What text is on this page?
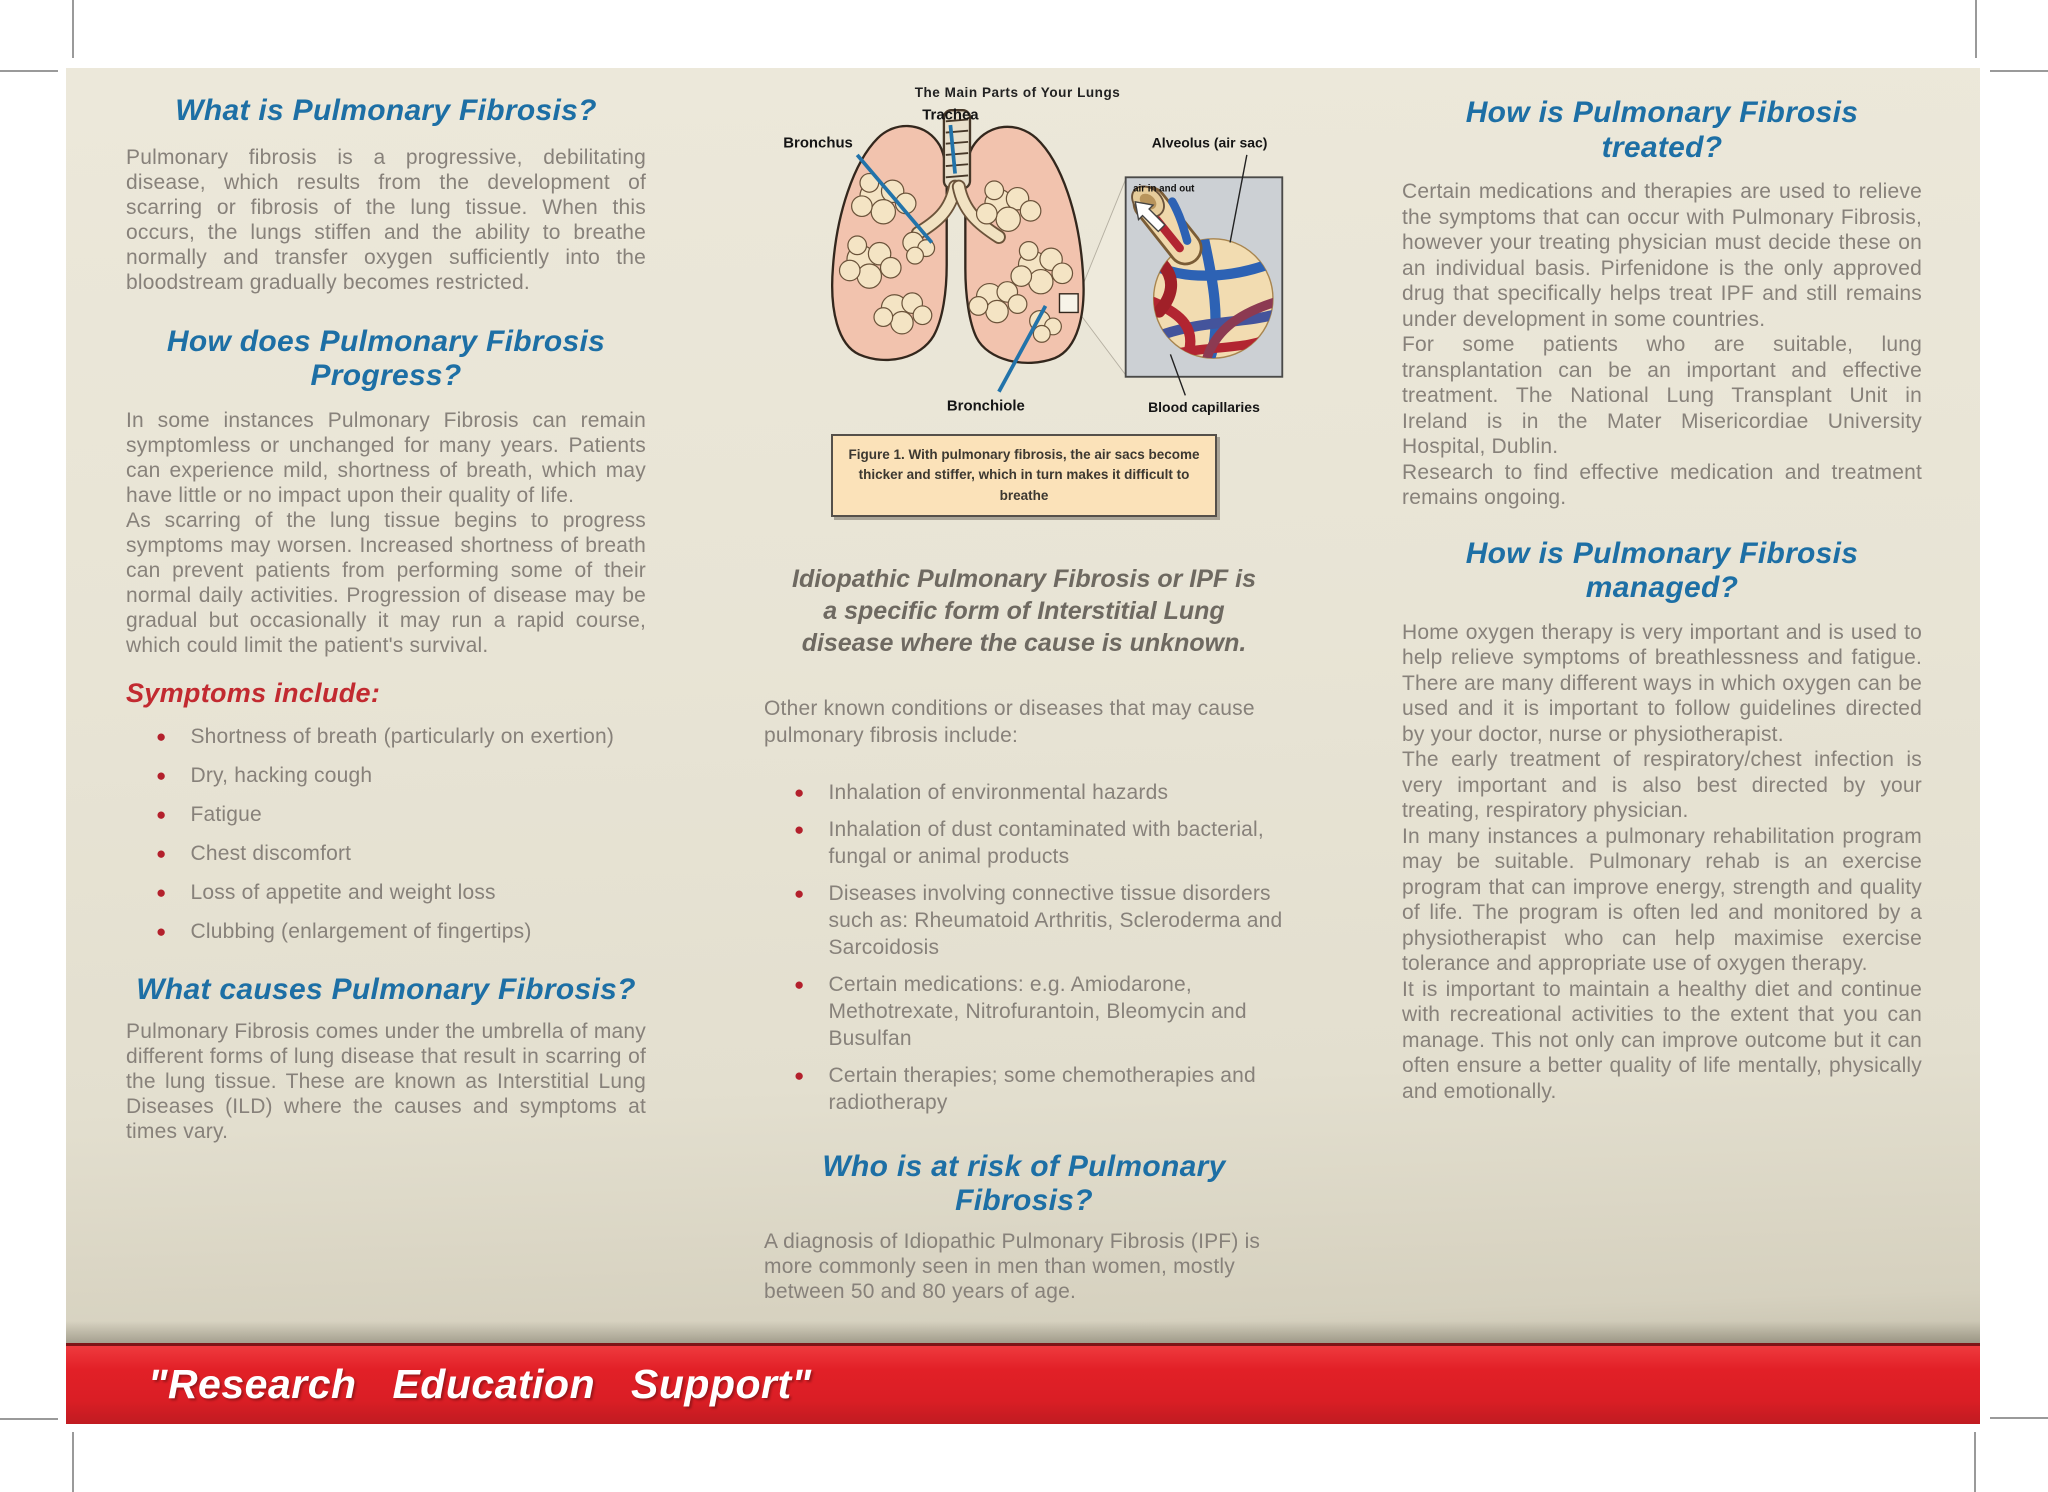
What is Pulmonary Fibrosis?

Pulmonary fibrosis is a progressive, debilitating disease, which results from the development of scarring or fibrosis of the lung tissue. When this occurs, the lungs stiffen and the ability to breathe normally and transfer oxygen sufficiently into the bloodstream gradually becomes restricted.

How does Pulmonary Fibrosis Progress?

In some instances Pulmonary Fibrosis can remain symptomless or unchanged for many years. Patients can experience mild, shortness of breath, which may have little or no impact upon their quality of life.

As scarring of the lung tissue begins to progress symptoms may worsen. Increased shortness of breath can prevent patients from performing some of their normal daily activities. Progression of disease may be gradual but occasionally it may run a rapid course, which could limit the patient's survival.

Symptoms include:
● Shortness of breath (particularly on exertion)
● Dry, hacking cough
● Fatigue
● Chest discomfort
● Loss of appetite and weight loss
● Clubbing (enlargement of fingertips)
What causes Pulmonary Fibrosis?

Pulmonary Fibrosis comes under the umbrella of many different forms of lung disease that result in scarring of the lung tissue. These are known as Interstitial Lung Diseases (ILD) where the causes and symptoms at times vary.

The Main Parts of Your Lungs
air in and out
Trachea
Bronchus
Bronchiole
Alveolus (air sac)
Blood capillaries
Figure 1. With pulmonary fibrosis, the air sacs become thicker and stiffer, which in turn makes it difficult to breathe

Idiopathic Pulmonary Fibrosis or IPF is a specific form of Interstitial Lung disease where the cause is unknown.

Other known conditions or diseases that may cause pulmonary fibrosis include:

● Inhalation of environmental hazards
● Inhalation of dust contaminated with bacterial, fungal or animal products
● Diseases involving connective tissue disorders such as: Rheumatoid Arthritis, Scleroderma and Sarcoidosis
● Certain medications: e.g. Amiodarone, Methotrexate, Nitrofurantoin, Bleomycin and Busulfan
● Certain therapies; some chemotherapies and radiotherapy
Who is at risk of Pulmonary Fibrosis?

A diagnosis of Idiopathic Pulmonary Fibrosis (IPF) is more commonly seen in men than women, mostly between 50 and 80 years of age.

How is Pulmonary Fibrosis treated?

Certain medications and therapies are used to relieve the symptoms that can occur with Pulmonary Fibrosis, however your treating physician must decide these on an individual basis. Pirfenidone is the only approved drug that specifically helps treat IPF and still remains under development in some countries.

For some patients who are suitable, lung transplantation can be an important and effective treatment. The National Lung Transplant Unit in Ireland is in the Mater Misericordiae University Hospital, Dublin.

Research to find effective medication and treatment remains ongoing.

How is Pulmonary Fibrosis managed?

Home oxygen therapy is very important and is used to help relieve symptoms of breathlessness and fatigue. There are many different ways in which oxygen can be used and it is important to follow guidelines directed by your doctor, nurse or physiotherapist.

The early treatment of respiratory/chest infection is very important and is also best directed by your treating, respiratory physician.

In many instances a pulmonary rehabilitation program may be suitable. Pulmonary rehab is an exercise program that can improve energy, strength and quality of life. The program is often led and monitored by a physiotherapist who can help maximise exercise tolerance and appropriate use of oxygen therapy.

It is important to maintain a healthy diet and continue with recreational activities to the extent that you can manage. This not only can improve outcome but it can often ensure a better quality of life mentally, physically and emotionally.

"Research Education Support"
